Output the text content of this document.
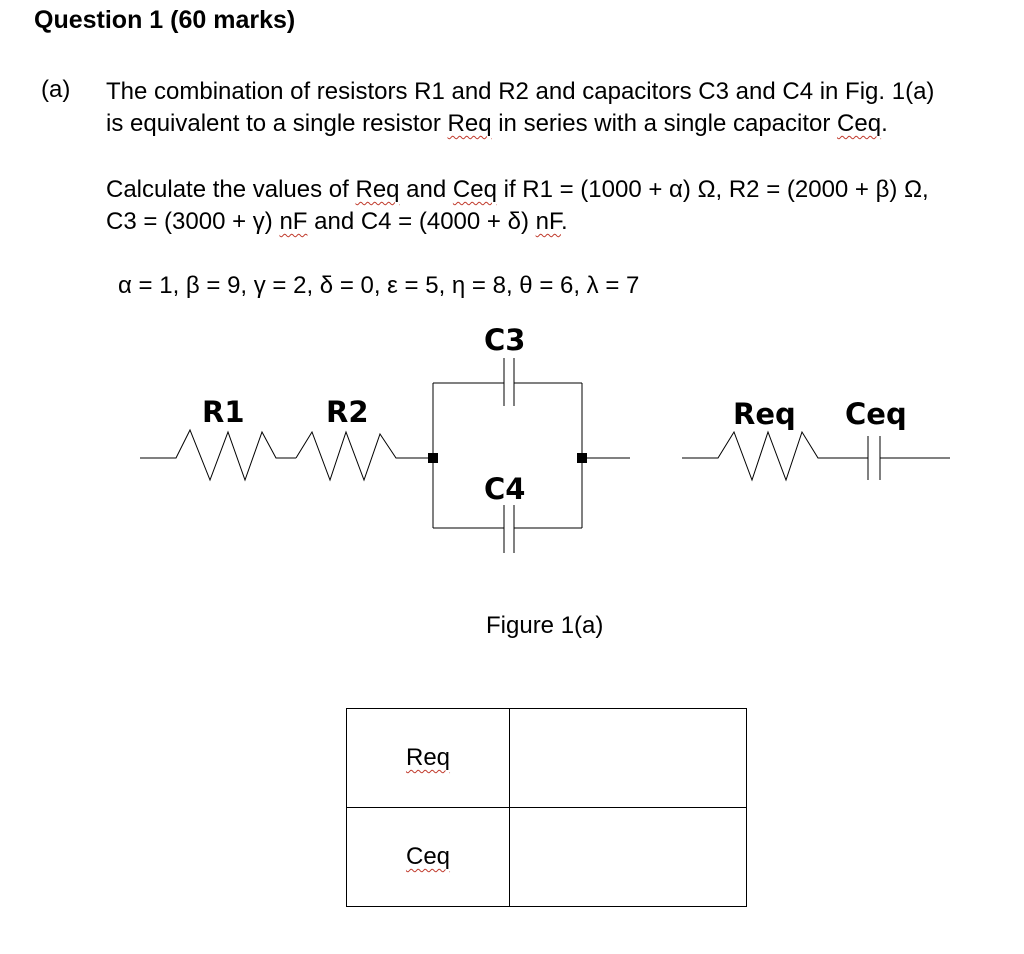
Question 1 (60 marks)
(a) The combination of resistors R1 and R2 and capacitors C3 and C4 in Fig. 1(a)
is equivalent to a single resistor Req in series with a single capacitor Ceq.
Calculate the values of Req and Ceq if R1 = (1000 + α) Ω, R2 = (2000 + β) Ω,
C3 = (3000 + γ) nF and C4 = (4000 + δ) nF.
α = 1, β = 9, γ = 2, δ = 0, ε = 5, η = 8, θ = 6, λ = 7
C3
R1	R2
C4
Req Ceq
Figure 1(a)
Req	
Ceq	
